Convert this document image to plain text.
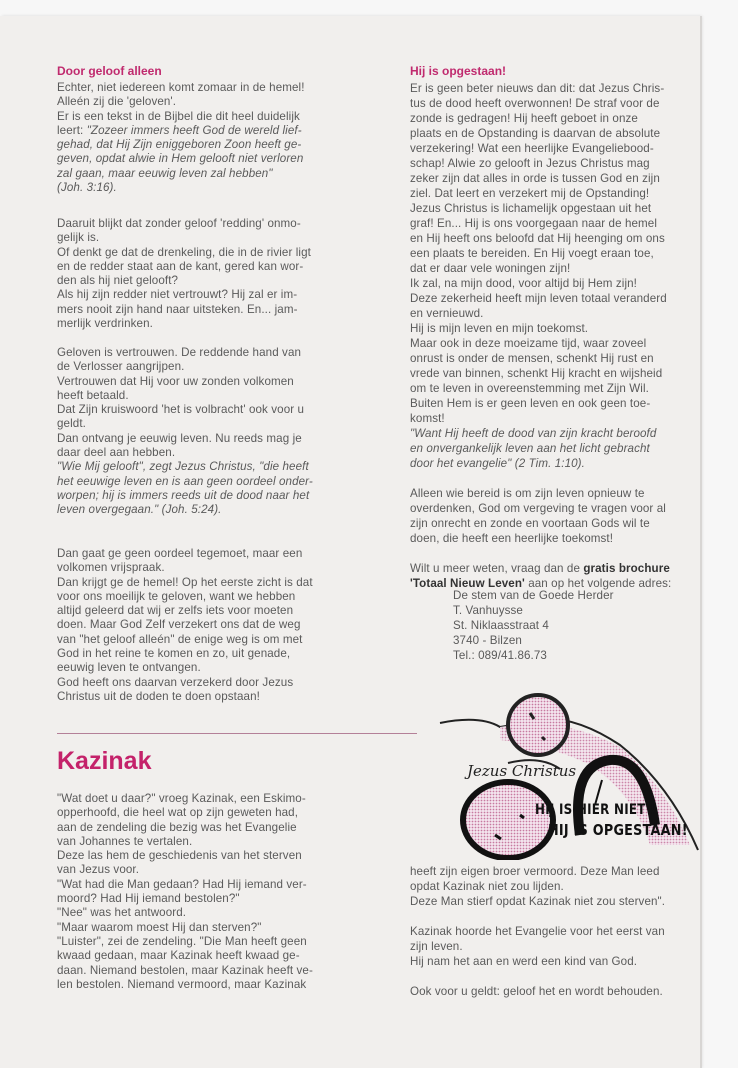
Door geloof alleen
Echter, niet iedereen komt zomaar in de hemel!
Alleén zij die 'geloven'.
Er is een tekst in de Bijbel die dit heel duidelijk
leert: "Zozeer immers heeft God de wereld lief-
gehad, dat Hij Zijn eniggeboren Zoon heeft ge-
geven, opdat alwie in Hem gelooft niet verloren
zal gaan, maar eeuwig leven zal hebben"
(Joh. 3:16).
Daaruit blijkt dat zonder geloof 'redding' onmo-
gelijk is.
Of denkt ge dat de drenkeling, die in de rivier ligt
en de redder staat aan de kant, gered kan wor-
den als hij niet gelooft?
Als hij zijn redder niet vertrouwt? Hij zal er im-
mers nooit zijn hand naar uitsteken. En... jam-
merlijk verdrinken.
Geloven is vertrouwen. De reddende hand van
de Verlosser aangrijpen.
Vertrouwen dat Hij voor uw zonden volkomen
heeft betaald.
Dat Zijn kruiswoord 'het is volbracht' ook voor u
geldt.
Dan ontvang je eeuwig leven. Nu reeds mag je
daar deel aan hebben.
"Wie Mij gelooft", zegt Jezus Christus, "die heeft
het eeuwige leven en is aan geen oordeel onder-
worpen; hij is immers reeds uit de dood naar het
leven overgegaan." (Joh. 5:24).
Dan gaat ge geen oordeel tegemoet, maar een
volkomen vrijspraak.
Dan krijgt ge de hemel! Op het eerste zicht is dat
voor ons moeilijk te geloven, want we hebben
altijd geleerd dat wij er zelfs iets voor moeten
doen. Maar God Zelf verzekert ons dat de weg
van "het geloof alleén" de enige weg is om met
God in het reine te komen en zo, uit genade,
eeuwig leven te ontvangen.
God heeft ons daarvan verzekerd door Jezus
Christus uit de doden te doen opstaan!
Kazinak
"Wat doet u daar?" vroeg Kazinak, een Eskimo-
opperhoofd, die heel wat op zijn geweten had,
aan de zendeling die bezig was het Evangelie
van Johannes te vertalen.
Deze las hem de geschiedenis van het sterven
van Jezus voor.
"Wat had die Man gedaan? Had Hij iemand ver-
moord? Had Hij iemand bestolen?"
"Nee" was het antwoord.
"Maar waarom moest Hij dan sterven?"
"Luister", zei de zendeling. "Die Man heeft geen
kwaad gedaan, maar Kazinak heeft kwaad ge-
daan. Niemand bestolen, maar Kazinak heeft ve-
len bestolen. Niemand vermoord, maar Kazinak
Hij is opgestaan!
Er is geen beter nieuws dan dit: dat Jezus Chris-
tus de dood heeft overwonnen! De straf voor de
zonde is gedragen! Hij heeft geboet in onze
plaats en de Opstanding is daarvan de absolute
verzekering! Wat een heerlijke Evangeliebood-
schap! Alwie zo gelooft in Jezus Christus mag
zeker zijn dat alles in orde is tussen God en zijn
ziel. Dat leert en verzekert mij de Opstanding!
Jezus Christus is lichamelijk opgestaan uit het
graf! En... Hij is ons voorgegaan naar de hemel
en Hij heeft ons beloofd dat Hij heenging om ons
een plaats te bereiden. En Hij voegt eraan toe,
dat er daar vele woningen zijn!
Ik zal, na mijn dood, voor altijd bij Hem zijn!
Deze zekerheid heeft mijn leven totaal veranderd
en vernieuwd.
Hij is mijn leven en mijn toekomst.
Maar ook in deze moeizame tijd, waar zoveel
onrust is onder de mensen, schenkt Hij rust en
vrede van binnen, schenkt Hij kracht en wijsheid
om te leven in overeenstemming met Zijn Wil.
Buiten Hem is er geen leven en ook geen toe-
komst!
"Want Hij heeft de dood van zijn kracht beroofd
en onvergankelijk leven aan het licht gebracht
door het evangelie" (2 Tim. 1:10).

Alleen wie bereid is om zijn leven opnieuw te
overdenken, God om vergeving te vragen voor al
zijn onrecht en zonde en voortaan Gods wil te
doen, die heeft een heerlijke toekomst!

Wilt u meer weten, vraag dan de gratis brochure
'Totaal Nieuw Leven' aan op het volgende adres:
De stem van de Goede Herder
T. Vanhuysse
St. Niklaasstraat 4
3740 - Bilzen
Tel.: 089/41.86.73
Jezus Christus
HIJ IS HIER NIET !
HIJ IS OPGESTAAN!
heeft zijn eigen broer vermoord. Deze Man leed
opdat Kazinak niet zou lijden.
Deze Man stierf opdat Kazinak niet zou sterven".

Kazinak hoorde het Evangelie voor het eerst van
zijn leven.
Hij nam het aan en werd een kind van God.

Ook voor u geldt: geloof het en wordt behouden.
